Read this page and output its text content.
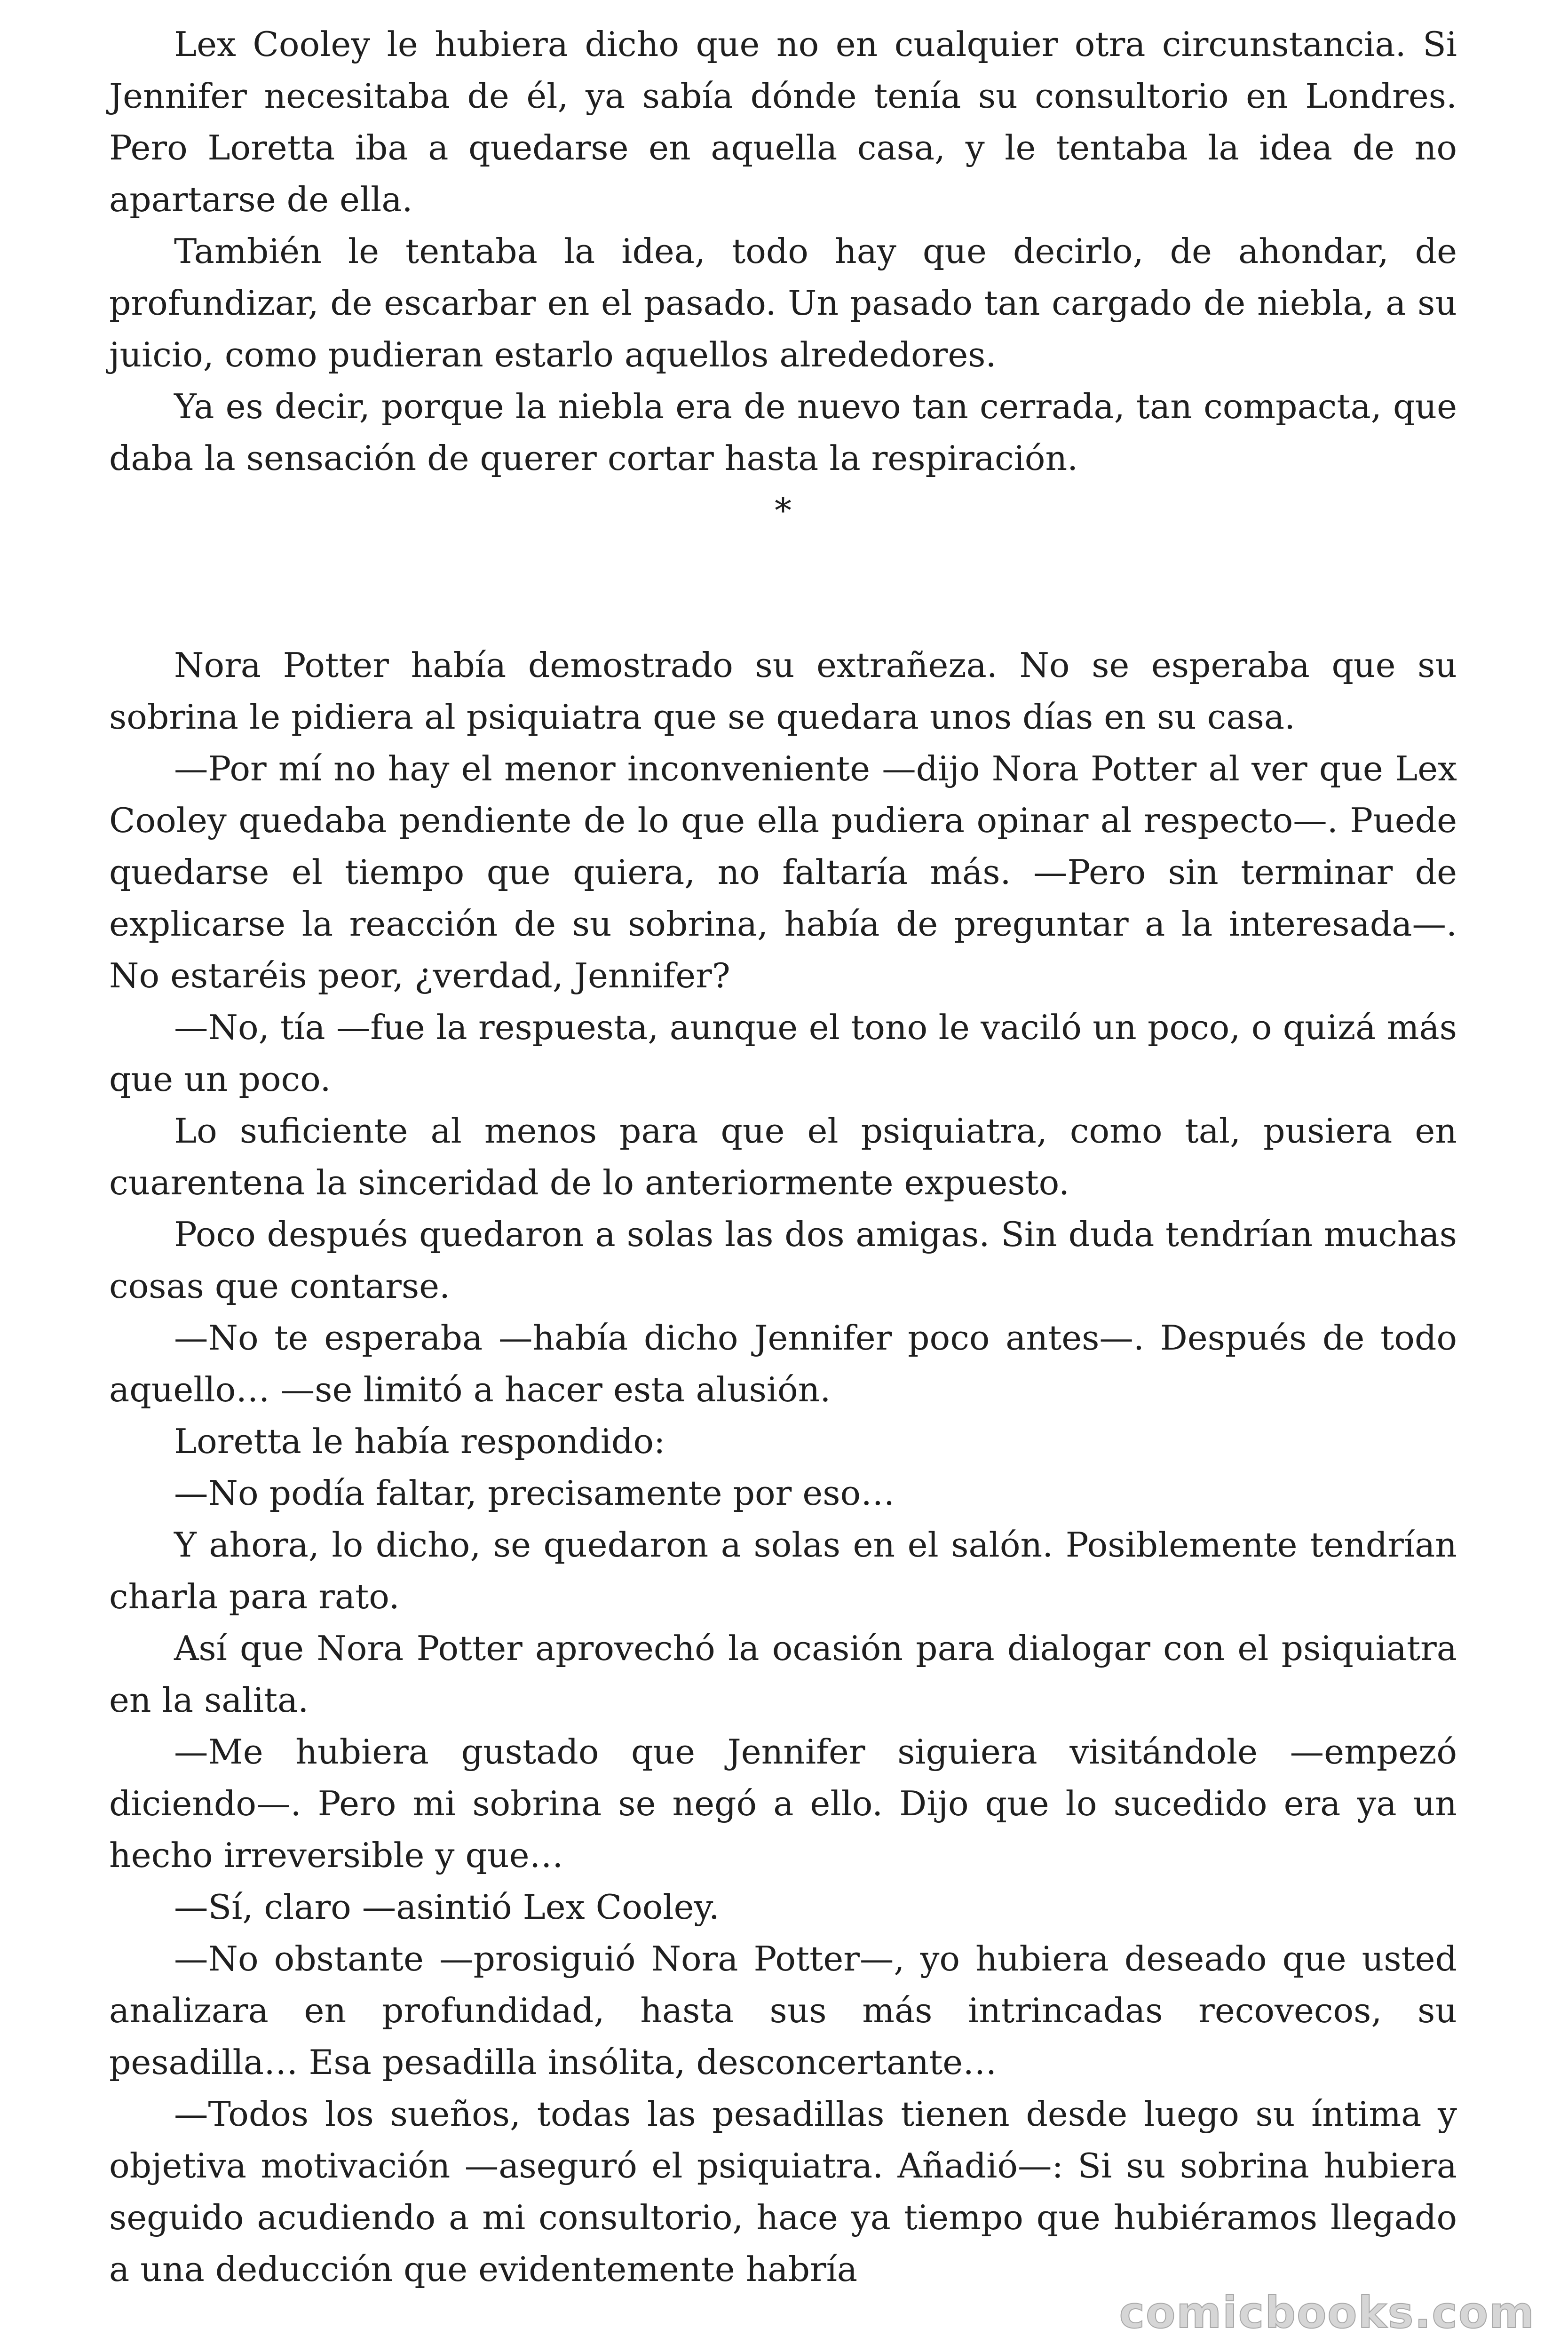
Lex Cooley le hubiera dicho que no en cualquier otra circunstancia. Si Jennifer necesitaba de él, ya sabía dónde tenía su consultorio en Londres. Pero Loretta iba a quedarse en aquella casa, y le tentaba la idea de no apartarse de ella.

También le tentaba la idea, todo hay que decirlo, de ahondar, de profundizar, de escarbar en el pasado. Un pasado tan cargado de niebla, a su juicio, como pudieran estarlo aquellos alrededores.

Ya es decir, porque la niebla era de nuevo tan cerrada, tan compacta, que daba la sensación de querer cortar hasta la respiración.

*

Nora Potter había demostrado su extrañeza. No se esperaba que su sobrina le pidiera al psiquiatra que se quedara unos días en su casa.

—Por mí no hay el menor inconveniente —dijo Nora Potter al ver que Lex Cooley quedaba pendiente de lo que ella pudiera opinar al respecto—. Puede quedarse el tiempo que quiera, no faltaría más. —Pero sin terminar de explicarse la reacción de su sobrina, había de preguntar a la interesada—. No estaréis peor, ¿verdad, Jennifer?

—No, tía —fue la respuesta, aunque el tono le vaciló un poco, o quizá más que un poco.

Lo suficiente al menos para que el psiquiatra, como tal, pusiera en cuarentena la sinceridad de lo anteriormente expuesto.

Poco después quedaron a solas las dos amigas. Sin duda tendrían muchas cosas que contarse.

—No te esperaba —había dicho Jennifer poco antes—. Después de todo aquello… —se limitó a hacer esta alusión.

Loretta le había respondido:

—No podía faltar, precisamente por eso…

Y ahora, lo dicho, se quedaron a solas en el salón. Posiblemente tendrían charla para rato.

Así que Nora Potter aprovechó la ocasión para dialogar con el psiquiatra en la salita.

—Me hubiera gustado que Jennifer siguiera visitándole —empezó diciendo—. Pero mi sobrina se negó a ello. Dijo que lo sucedido era ya un hecho irreversible y que…

—Sí, claro —asintió Lex Cooley.

—No obstante —prosiguió Nora Potter—, yo hubiera deseado que usted analizara en profundidad, hasta sus más intrincadas recovecos, su pesadilla… Esa pesadilla insólita, desconcertante…

—Todos los sueños, todas las pesadillas tienen desde luego su íntima y objetiva motivación —aseguró el psiquiatra. Añadió—: Si su sobrina hubiera seguido acudiendo a mi consultorio, hace ya tiempo que hubiéramos llegado a una deducción que evidentemente habría

comicbooks.com
